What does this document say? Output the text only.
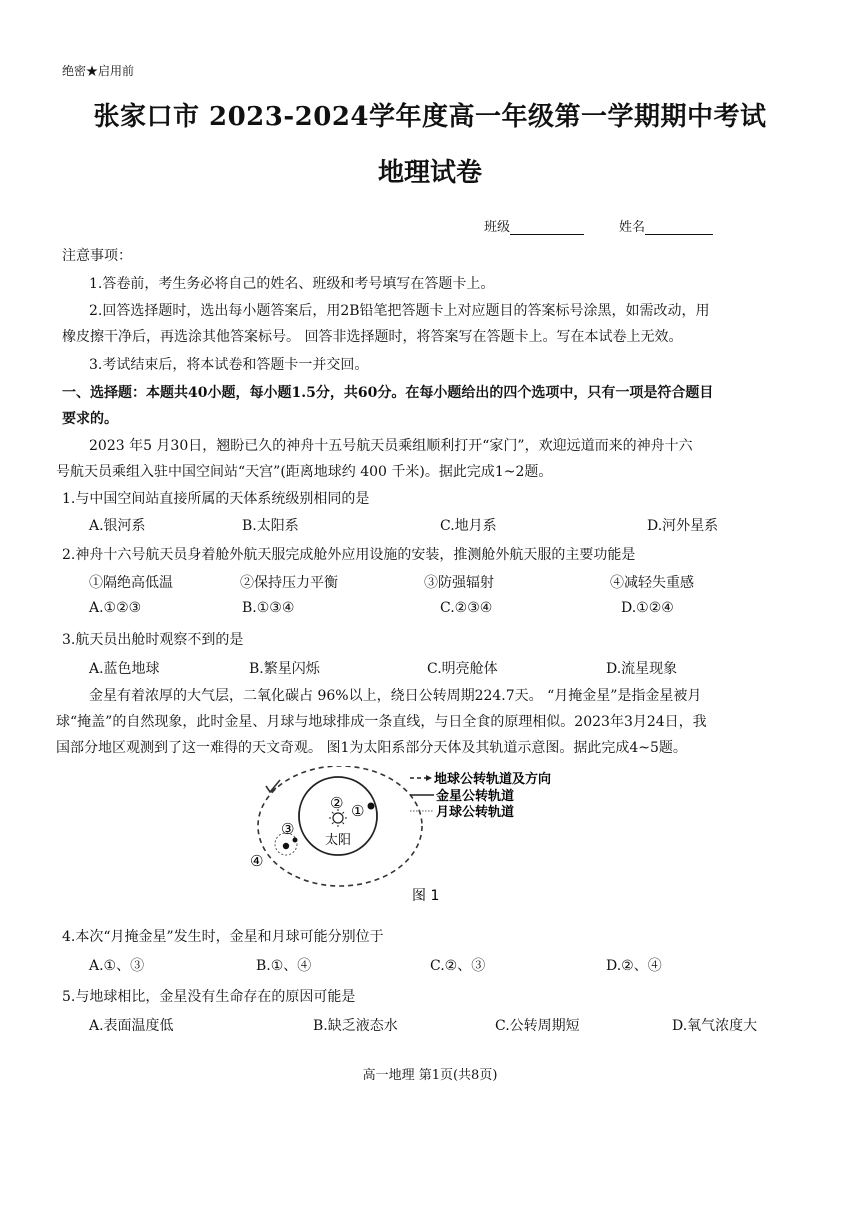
绝密★启用前
张家口市 2023-2024学年度高一年级第一学期期中考试
地理试卷
班级	姓名
注意事项：
1.答卷前，考生务必将自己的姓名、班级和考号填写在答题卡上。
2.回答选择题时，选出每小题答案后，用2B铅笔把答题卡上对应题目的答案标号涂黑，如需改动，用
橡皮擦干净后，再选涂其他答案标号。 回答非选择题时，将答案写在答题卡上。写在本试卷上无效。
3.考试结束后，将本试卷和答题卡一并交回。
一、选择题：本题共40小题，每小题1.5分，共60分。在每小题给出的四个选项中，只有一项是符合题目
要求的。
2023 年5 月30日，翘盼已久的神舟十五号航天员乘组顺利打开“家门”，欢迎远道而来的神舟十六
号航天员乘组入驻中国空间站“天宫”(距离地球约 400 千米)。据此完成1~2题。
1.与中国空间站直接所属的天体系统级别相同的是
A.银河系	B.太阳系	C.地月系	D.河外星系
2.神舟十六号航天员身着舱外航天服完成舱外应用设施的安装，推测舱外航天服的主要功能是
①隔绝高低温	②保持压力平衡	③防强辐射	④减轻失重感
A.①②③	B.①③④	C.②③④	D.①②④
3.航天员出舱时观察不到的是
A.蓝色地球	B.繁星闪烁	C.明亮舱体	D.流星现象
金星有着浓厚的大气层，二氧化碳占 96%以上，绕日公转周期224.7天。 “月掩金星”是指金星被月
球“掩盖”的自然现象，此时金星、月球与地球排成一条直线，与日全食的原理相似。2023年3月24日，我
国部分地区观测到了这一难得的天文奇观。 图1为太阳系部分天体及其轨道示意图。据此完成4~5题。
太阳
①
②
③
④
地球公转轨道及方向
金星公转轨道
月球公转轨道
图 1
4.本次“月掩金星”发生时，金星和月球可能分别位于
A.①、③	B.①、④	C.②、③	D.②、④
5.与地球相比，金星没有生命存在的原因可能是
A.表面温度低	B.缺乏液态水	C.公转周期短	D.氧气浓度大
高一地理 第1页(共8页)
